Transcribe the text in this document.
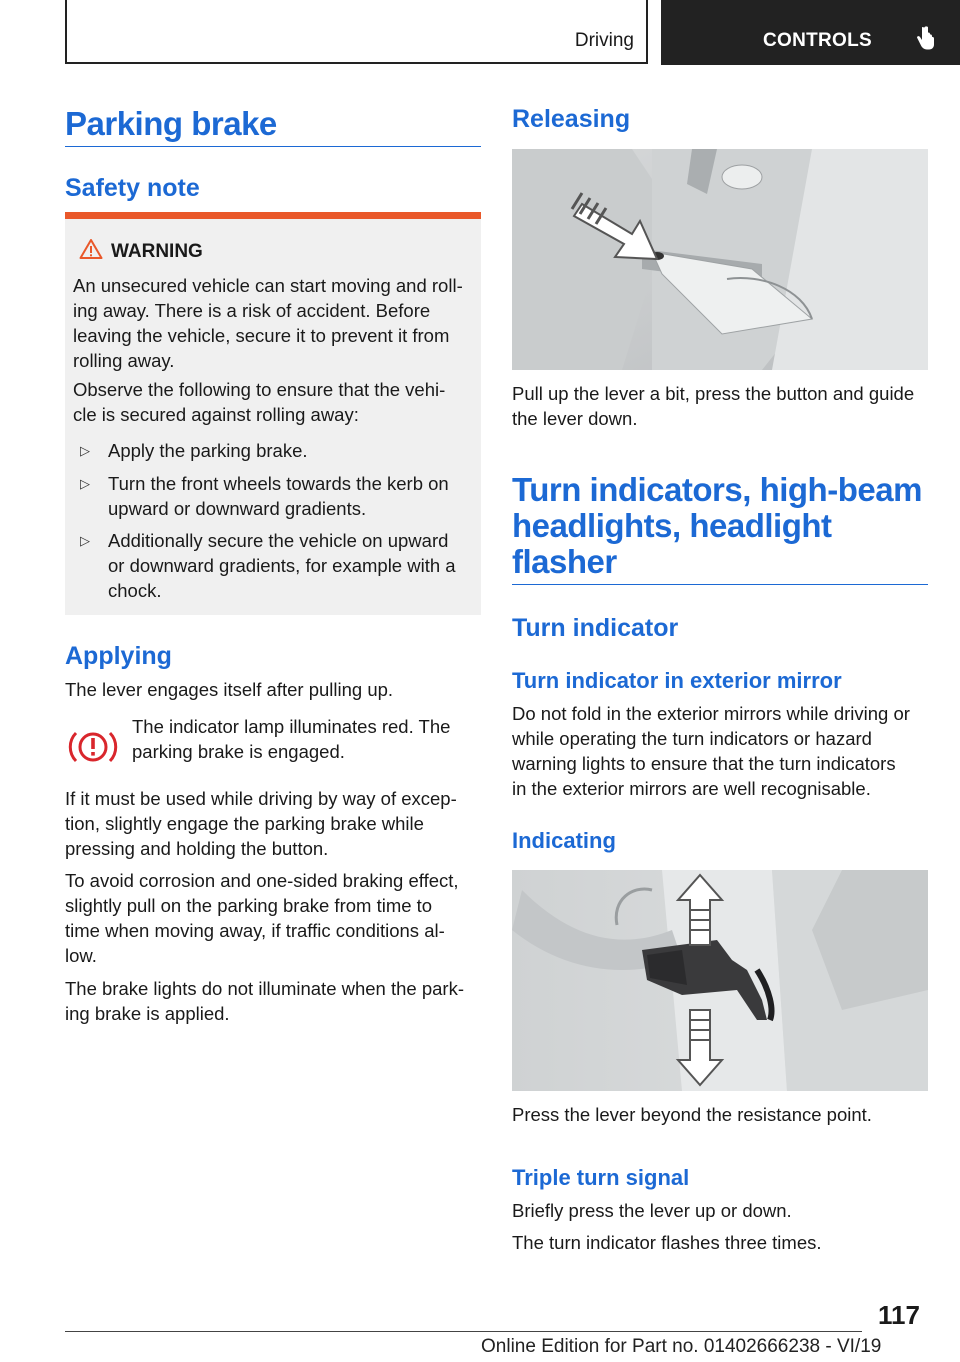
Driving	CONTROLS
Parking brake
Safety note
WARNING
An unsecured vehicle can start moving and roll-
ing away. There is a risk of accident. Before
leaving the vehicle, secure it to prevent it from
rolling away.
Observe the following to ensure that the vehi-
cle is secured against rolling away:
▷ Apply the parking brake.
▷ Turn the front wheels towards the kerb on
upward or downward gradients.
▷ Additionally secure the vehicle on upward
or downward gradients, for example with a
chock.
Applying
The lever engages itself after pulling up.
The indicator lamp illuminates red. The
parking brake is engaged.
If it must be used while driving by way of excep-
tion, slightly engage the parking brake while
pressing and holding the button.
To avoid corrosion and one-sided braking effect,
slightly pull on the parking brake from time to
time when moving away, if traffic conditions al-
low.
The brake lights do not illuminate when the park-
ing brake is applied.
Releasing
Pull up the lever a bit, press the button and guide
the lever down.
Turn indicators, high-beam
headlights, headlight
flasher
Turn indicator
Turn indicator in exterior mirror
Do not fold in the exterior mirrors while driving or
while operating the turn indicators or hazard
warning lights to ensure that the turn indicators
in the exterior mirrors are well recognisable.
Indicating
Press the lever beyond the resistance point.
Triple turn signal
Briefly press the lever up or down.
The turn indicator flashes three times.
117
Online Edition for Part no. 01402666238 - VI/19
